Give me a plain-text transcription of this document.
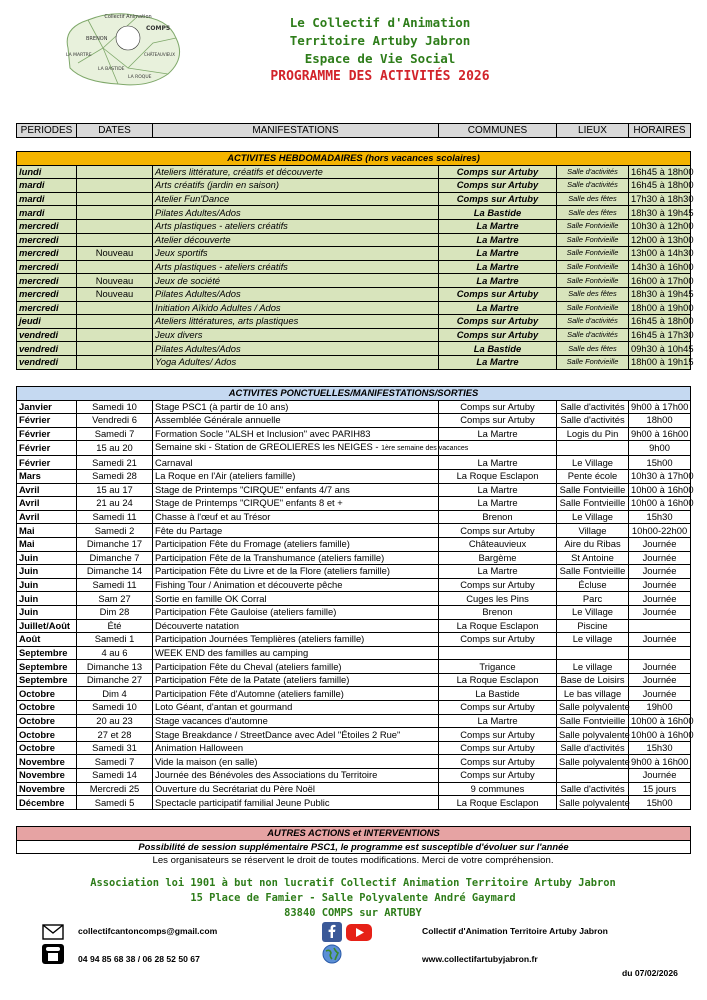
Collectif Animation
COMPS
BRENON
LA MARTRE	CHÂTEAUVIEUX
LA BASTIDE
LA ROQUE
Le Collectif d'Animation
Territoire Artuby Jabron
Espace de Vie Social
PROGRAMME DES ACTIVITÉS 2026
PERIODES	DATES	MANIFESTATIONS	COMMUNES	LIEUX	HORAIRES
ACTIVITES HEBDOMADAIRES (hors vacances scolaires)					
lundi		Ateliers littérature, créatifs et découverte	Comps sur Artuby	Salle d'activités	16h45 à 18h00
mardi		Arts créatifs (jardin en saison)	Comps sur Artuby	Salle d'activités	16h45 à 18h00
mardi		Atelier Fun'Dance	Comps sur Artuby	Salle des fêtes	17h30 à 18h30
mardi		Pilates Adultes/Ados	La Bastide	Salle des fêtes	18h30 à 19h45
mercredi		Arts plastiques - ateliers créatifs	La Martre	Salle Fontvieille	10h30 à 12h00
mercredi		Atelier découverte	La Martre	Salle Fontvieille	12h00 à 13h00
mercredi	Nouveau	Jeux sportifs	La Martre	Salle Fontvieille	13h00 à 14h30
mercredi		Arts plastiques - ateliers créatifs	La Martre	Salle Fontvieille	14h30 à 16h00
mercredi	Nouveau	Jeux de société	La Martre	Salle Fontvieille	16h00 à 17h00
mercredi	Nouveau	Pilates Adultes/Ados	Comps sur Artuby	Salle des fêtes	18h30 à 19h45
mercredi		Initiation Aïkido Adultes / Ados	La Martre	Salle Fontvieille	18h00 à 19h00
jeudi		Ateliers littératures, arts plastiques	Comps sur Artuby	Salle d'activités	16h45 à 18h00
vendredi		Jeux divers	Comps sur Artuby	Salle d'activités	16h45 à 17h30
vendredi		Pilates Adultes/Ados	La Bastide	Salle des fêtes	09h30 à 10h45
vendredi		Yoga Adultes/ Ados	La Martre	Salle Fontvieille	18h00 à 19h15
ACTIVITES PONCTUELLES/MANIFESTATIONS/SORTIES					
Janvier	Samedi 10	Stage PSC1 (à partir de 10 ans)	Comps sur Artuby	Salle d'activités	9h00 à 17h00
Février	Vendredi 6	Assemblée Générale annuelle	Comps sur Artuby	Salle d'activités	18h00
Février	Samedi 7	Formation Socle "ALSH et Inclusion" avec PARIH83	La Martre	Logis du Pin	9h00 à 16h00
Février	15 au 20	Semaine ski - Station de GREOLIERES les NEIGES - 1ère semaine des vacances			9h00
Février	Samedi 21	Carnaval	La Martre	Le Village	15h00
Mars	Samedi 28	La Roque en l'Air (ateliers famille)	La Roque Esclapon	Pente école	10h30 à 17h00
Avril	15 au 17	Stage de Printemps "CIRQUE" enfants 4/7 ans	La Martre	Salle Fontvieille	10h00 à 16h00
Avril	21 au 24	Stage de Printemps "CIRQUE" enfants 8 et +	La Martre	Salle Fontvieille	10h00 à 16h00
Avril	Samedi 11	Chasse à l'œuf et au Trésor	Brenon	Le Village	15h30
Mai	Samedi 2	Fête du Partage	Comps sur Artuby	Village	10h00-22h00
Mai	Dimanche 17	Participation Fête du Fromage (ateliers famille)	Châteauvieux	Aire du Ribas	Journée
Juin	Dimanche 7	Participation Fête de la Transhumance (ateliers famille)	Bargème	St Antoine	Journée
Juin	Dimanche 14	Participation Fête du Livre et de la Flore (ateliers famille)	La Martre	Salle Fontvieille	Journée
Juin	Samedi 11	Fishing Tour / Animation et découverte pêche	Comps sur Artuby	Écluse	Journée
Juin	Sam 27	Sortie en famille OK Corral	Cuges les Pins	Parc	Journée
Juin	Dim 28	Participation Fête Gauloise (ateliers famille)	Brenon	Le Village	Journée
Juillet/Août	Été	Découverte natation	La Roque Esclapon	Piscine	
Août	Samedi 1	Participation Journées Templières (ateliers famille)	Comps sur Artuby	Le village	Journée
Septembre	4 au 6	WEEK END des familles au camping			
Septembre	Dimanche 13	Participation Fête du Cheval (ateliers famille)	Trigance	Le village	Journée
Septembre	Dimanche 27	Participation Fête de la Patate (ateliers famille)	La Roque Esclapon	Base de Loisirs	Journée
Octobre	Dim 4	Participation Fête d'Automne (ateliers famille)	La Bastide	Le bas village	Journée
Octobre	Samedi 10	Loto Géant, d'antan et gourmand	Comps sur Artuby	Salle polyvalente	19h00
Octobre	20 au 23	Stage vacances d'automne	La Martre	Salle Fontvieille	10h00 à 16h00
Octobre	27 et 28	Stage Breakdance / StreetDance avec Adel "Étoiles 2 Rue"	Comps sur Artuby	Salle polyvalente	10h00 à 16h00
Octobre	Samedi 31	Animation Halloween	Comps sur Artuby	Salle d'activités	15h30
Novembre	Samedi 7	Vide la maison (en salle)	Comps sur Artuby	Salle polyvalente	9h00 à 16h00
Novembre	Samedi 14	Journée des Bénévoles des Associations du Territoire	Comps sur Artuby		Journée
Novembre	Mercredi 25	Ouverture du Secrétariat du Père Noël	9 communes	Salle d'activités	15 jours
Décembre	Samedi 5	Spectacle participatif familial Jeune Public	La Roque Esclapon	Salle polyvalente	15h00
AUTRES ACTIONS et INTERVENTIONS
Possibilité de session supplémentaire PSC1, le programme est susceptible d'évoluer sur l'année
Les organisateurs se réservent le droit de toutes modifications. Merci de votre compréhension.
Association loi 1901 à but non lucratif Collectif Animation Territoire Artuby Jabron
15 Place de Famier - Salle Polyvalente André Gaymard
83840 COMPS sur ARTUBY
collectifcantoncomps@gmail.com
04 94 85 68 38 / 06 28 52 50 67
Collectif d'Animation Territoire Artuby Jabron
www.collectifartubyjabron.fr
du 07/02/2026
